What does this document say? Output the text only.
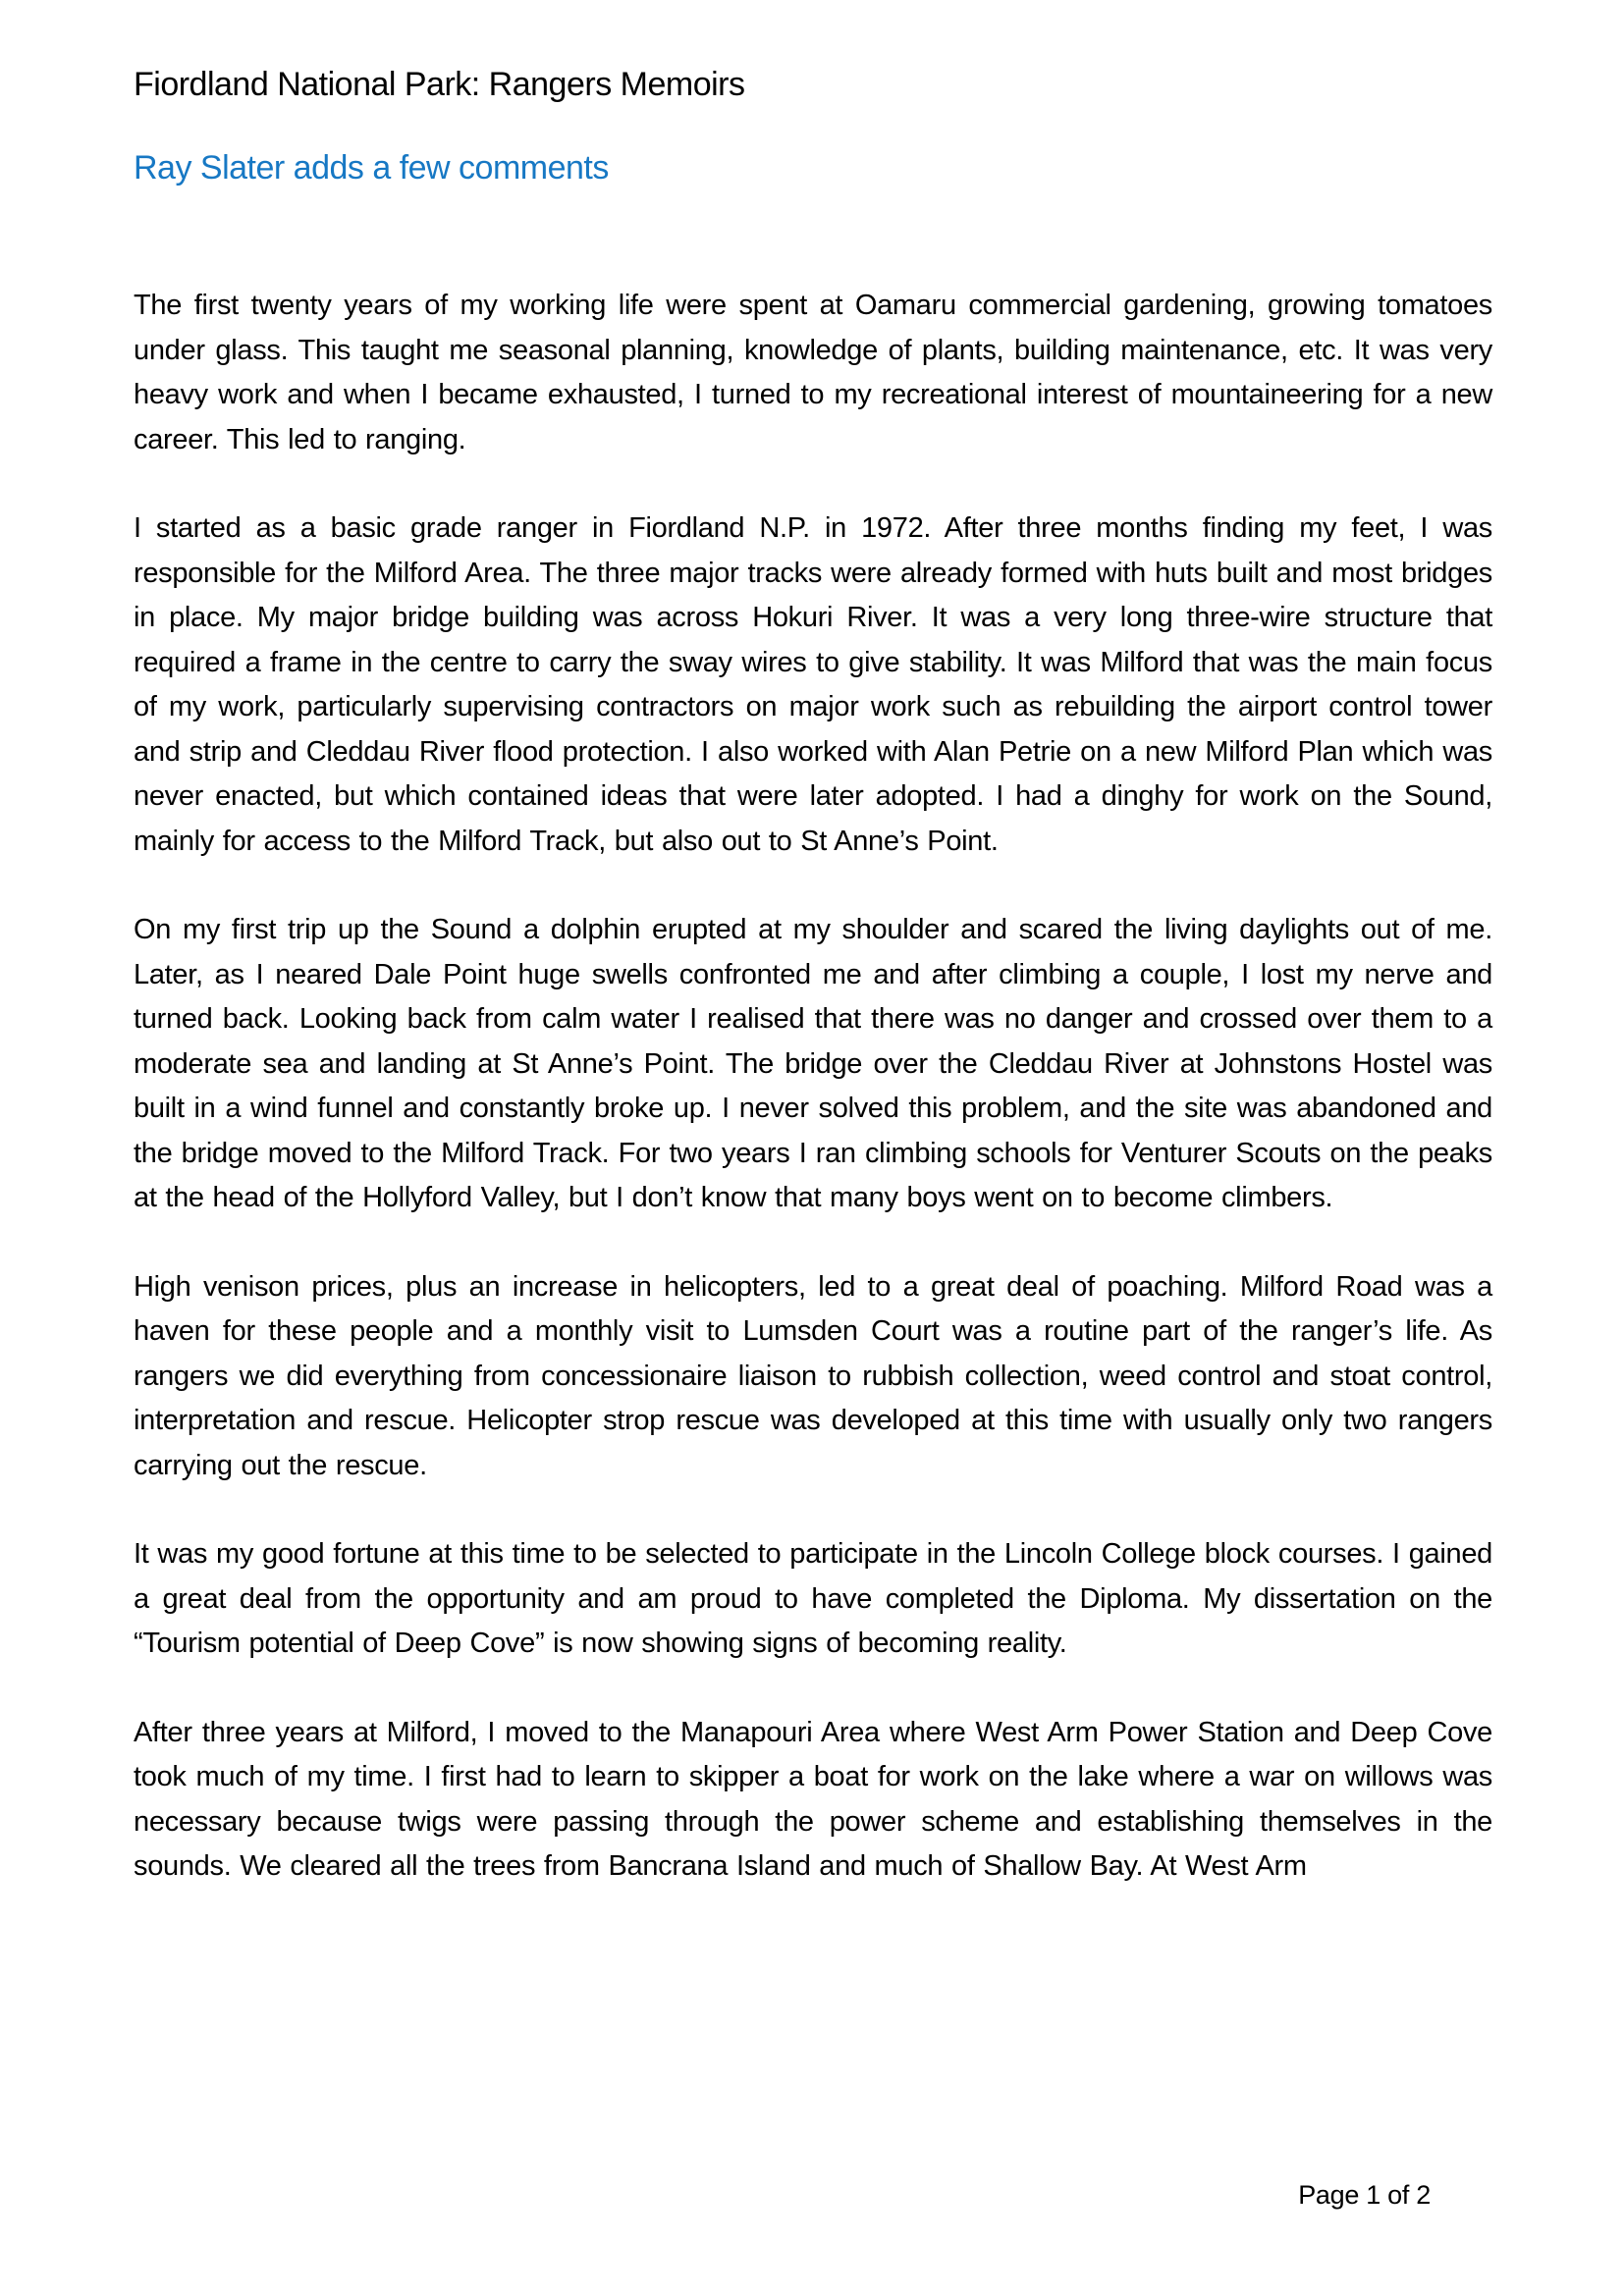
Fiordland National Park: Rangers Memoirs
Ray Slater adds a few comments

The first twenty years of my working life were spent at Oamaru commercial gardening, growing tomatoes under glass. This taught me seasonal planning, knowledge of plants, building maintenance, etc. It was very heavy work and when I became exhausted, I turned to my recreational interest of mountaineering for a new career. This led to ranging.

I started as a basic grade ranger in Fiordland N.P. in 1972. After three months finding my feet, I was responsible for the Milford Area. The three major tracks were already formed with huts built and most bridges in place. My major bridge building was across Hokuri River. It was a very long three-wire structure that required a frame in the centre to carry the sway wires to give stability. It was Milford that was the main focus of my work, particularly supervising contractors on major work such as rebuilding the airport control tower and strip and Cleddau River flood protection. I also worked with Alan Petrie on a new Milford Plan which was never enacted, but which contained ideas that were later adopted. I had a dinghy for work on the Sound, mainly for access to the Milford Track, but also out to St Anne’s Point.

On my first trip up the Sound a dolphin erupted at my shoulder and scared the living daylights out of me. Later, as I neared Dale Point huge swells confronted me and after climbing a couple, I lost my nerve and turned back. Looking back from calm water I realised that there was no danger and crossed over them to a moderate sea and landing at St Anne’s Point. The bridge over the Cleddau River at Johnstons Hostel was built in a wind funnel and constantly broke up. I never solved this problem, and the site was abandoned and the bridge moved to the Milford Track. For two years I ran climbing schools for Venturer Scouts on the peaks at the head of the Hollyford Valley, but I don’t know that many boys went on to become climbers.

High venison prices, plus an increase in helicopters, led to a great deal of poaching. Milford Road was a haven for these people and a monthly visit to Lumsden Court was a routine part of the ranger’s life. As rangers we did everything from concessionaire liaison to rubbish collection, weed control and stoat control, interpretation and rescue. Helicopter strop rescue was developed at this time with usually only two rangers carrying out the rescue.

It was my good fortune at this time to be selected to participate in the Lincoln College block courses. I gained a great deal from the opportunity and am proud to have completed the Diploma. My dissertation on the “Tourism potential of Deep Cove” is now showing signs of becoming reality.

After three years at Milford, I moved to the Manapouri Area where West Arm Power Station and Deep Cove took much of my time. I first had to learn to skipper a boat for work on the lake where a war on willows was necessary because twigs were passing through the power scheme and establishing themselves in the sounds. We cleared all the trees from Bancrana Island and much of Shallow Bay. At West Arm

Page 1 of 2
